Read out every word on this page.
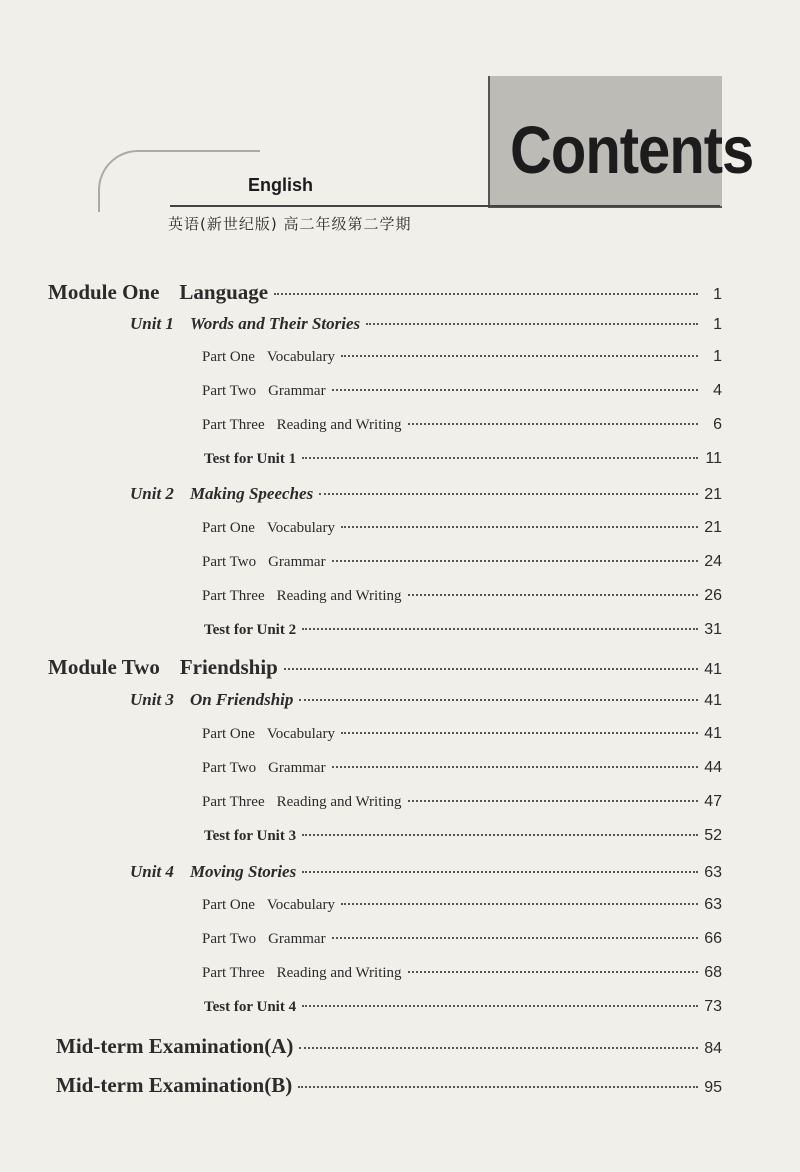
Contents
English
英语(新世纪版) 高二年级第二学期
Module One Language	1
Unit 1 Words and Their Stories	1
Part One Vocabulary	1
Part Two Grammar	4
Part Three Reading and Writing	6
Test for Unit 1	11
Unit 2 Making Speeches	21
Part One Vocabulary	21
Part Two Grammar	24
Part Three Reading and Writing	26
Test for Unit 2	31
Module Two Friendship	41
Unit 3 On Friendship	41
Part One Vocabulary	41
Part Two Grammar	44
Part Three Reading and Writing	47
Test for Unit 3	52
Unit 4 Moving Stories	63
Part One Vocabulary	63
Part Two Grammar	66
Part Three Reading and Writing	68
Test for Unit 4	73
Mid-term Examination(A)	84
Mid-term Examination(B)	95
